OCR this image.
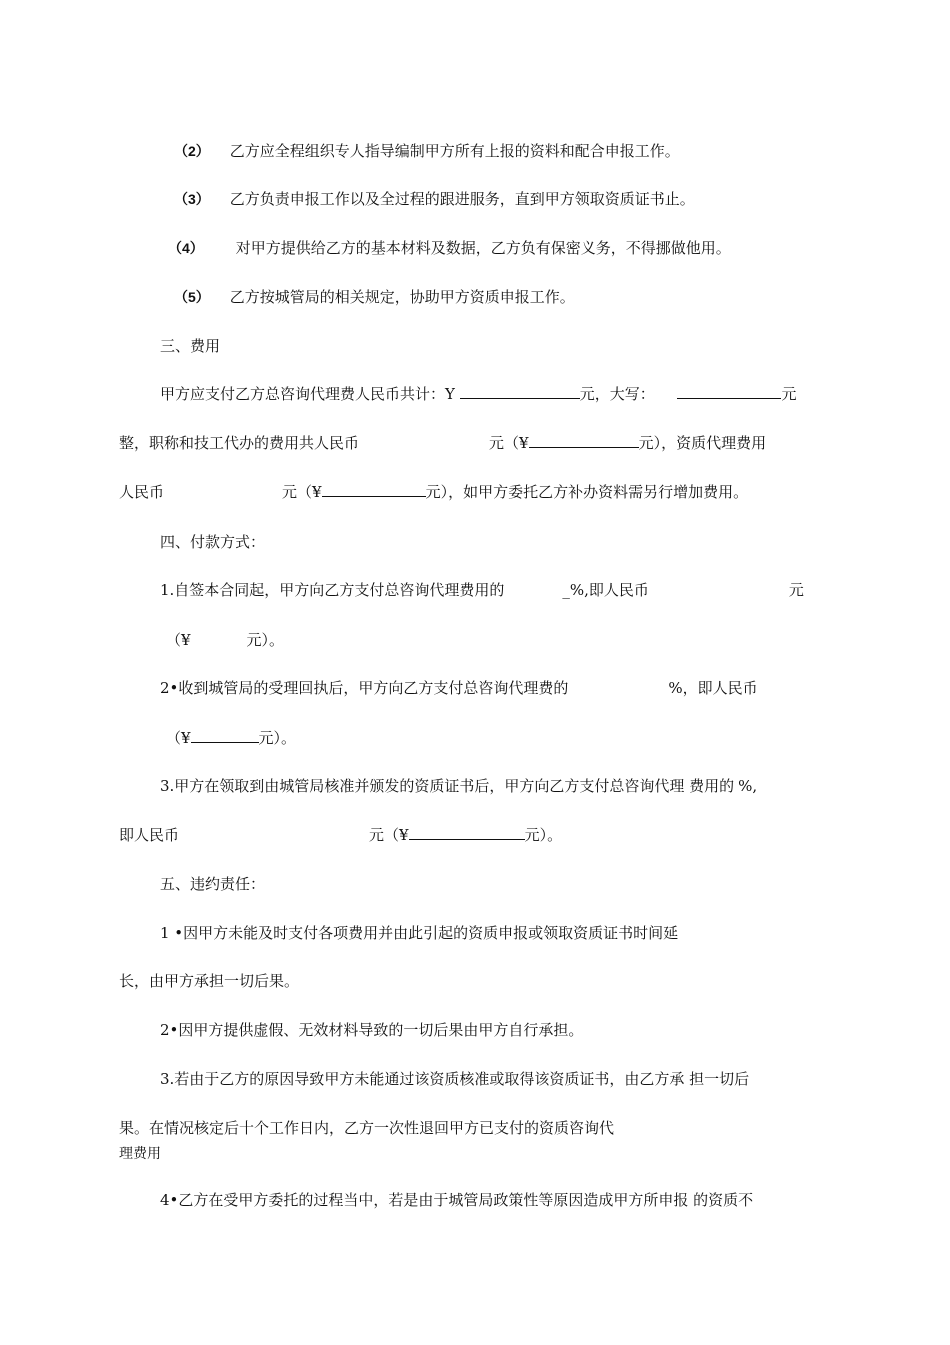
（2） 乙方应全程组织专人指导编制甲方所有上报的资料和配合申报工作。
（3） 乙方负责申报工作以及全过程的跟进服务，直到甲方领取资质证书止。
（4） 对甲方提供给乙方的基本材料及数据，乙方负有保密义务，不得挪做他用。
（5） 乙方按城管局的相关规定，协助甲方资质申报工作。
三、费用
甲方应支付乙方总咨询代理费人民币共计：Y	元，大写：	元
整，职称和技工代办的费用共人民币	元（¥	元），资质代理费用
人民币	元（¥	元），如甲方委托乙方补办资料需另行增加费用。
四、付款方式：
1.自签本合同起，甲方向乙方支付总咨询代理费用的	_%,即人民币	元
（¥	元）。
2•收到城管局的受理回执后，甲方向乙方支付总咨询代理费的	%，即人民币
（¥	元）。
3.甲方在领取到由城管局核准并颁发的资质证书后，甲方向乙方支付总咨询代理 费用的 %,
即人民币	元（¥	元）。
五、违约责任：
1 •因甲方未能及时支付各项费用并由此引起的资质申报或领取资质证书时间延
长，由甲方承担一切后果。
2•因甲方提供虚假、无效材料导致的一切后果由甲方自行承担。
3.若由于乙方的原因导致甲方未能通过该资质核准或取得该资质证书，由乙方承 担一切后
果。在情况核定后十个工作日内，乙方一次性退回甲方已支付的资质咨询代
理费用
4•乙方在受甲方委托的过程当中，若是由于城管局政策性等原因造成甲方所申报 的资质不
